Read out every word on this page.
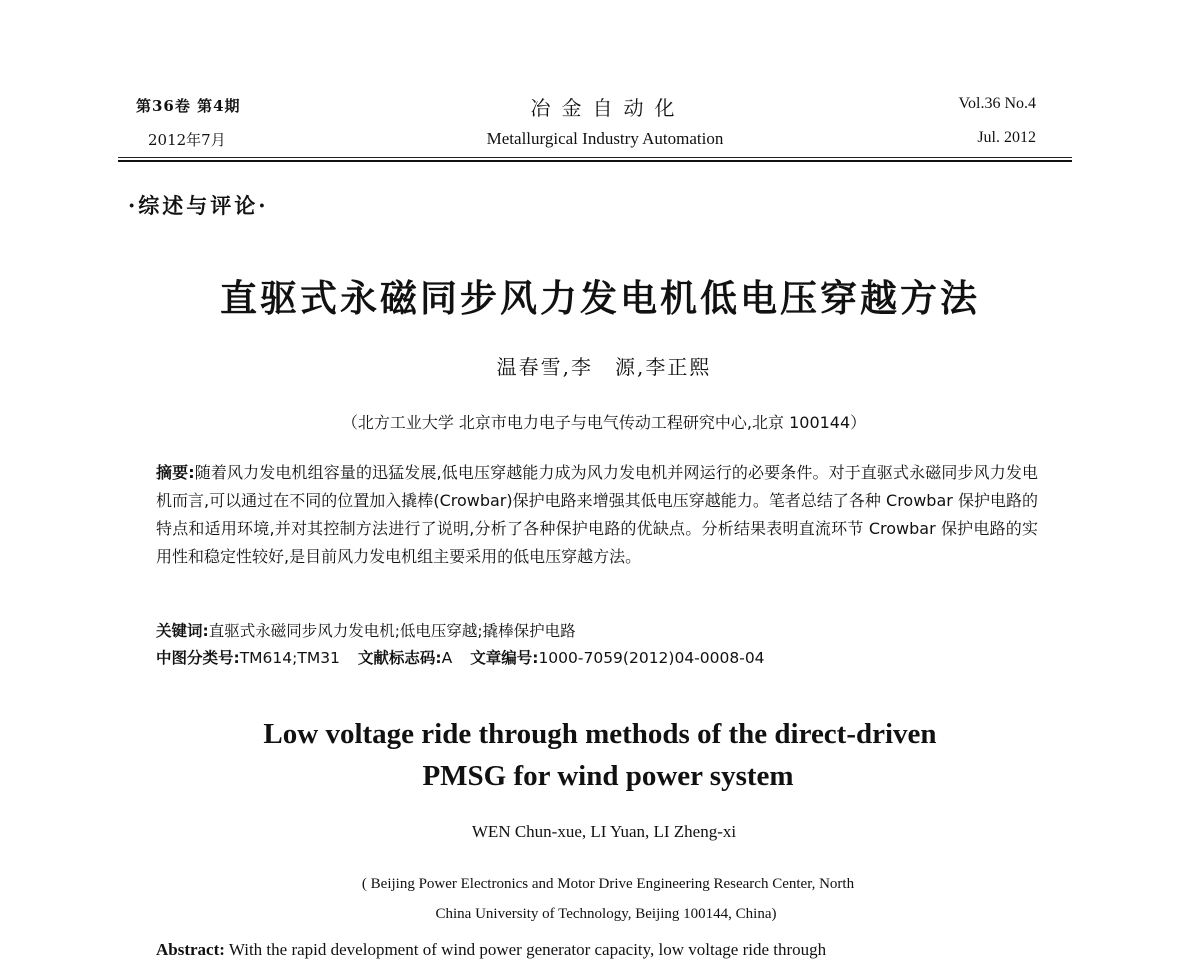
第36卷 第4期
2012年7月
冶金自动化
Metallurgical Industry Automation
Vol.36 No.4
Jul. 2012
·综述与评论·
直驱式永磁同步风力发电机低电压穿越方法
温春雪,李　源,李正熙
（北方工业大学 北京市电力电子与电气传动工程研究中心,北京 100144）
摘要:随着风力发电机组容量的迅猛发展,低电压穿越能力成为风力发电机并网运行的必要条件。对于直驱式永磁同步风力发电机而言,可以通过在不同的位置加入撬棒(Crowbar)保护电路来增强其低电压穿越能力。笔者总结了各种 Crowbar 保护电路的特点和适用环境,并对其控制方法进行了说明,分析了各种保护电路的优缺点。分析结果表明直流环节 Crowbar 保护电路的实用性和稳定性较好,是目前风力发电机组主要采用的低电压穿越方法。
关键词:直驱式永磁同步风力发电机;低电压穿越;撬棒保护电路
中图分类号:TM614;TM31 文献标志码:A 文章编号:1000-7059(2012)04-0008-04
Low voltage ride through methods of the direct-driven
PMSG for wind power system
WEN Chun-xue, LI Yuan, LI Zheng-xi
( Beijing Power Electronics and Motor Drive Engineering Research Center, North
China University of Technology, Beijing 100144, China)
Abstract: With the rapid development of wind power generator capacity, low voltage ride through
